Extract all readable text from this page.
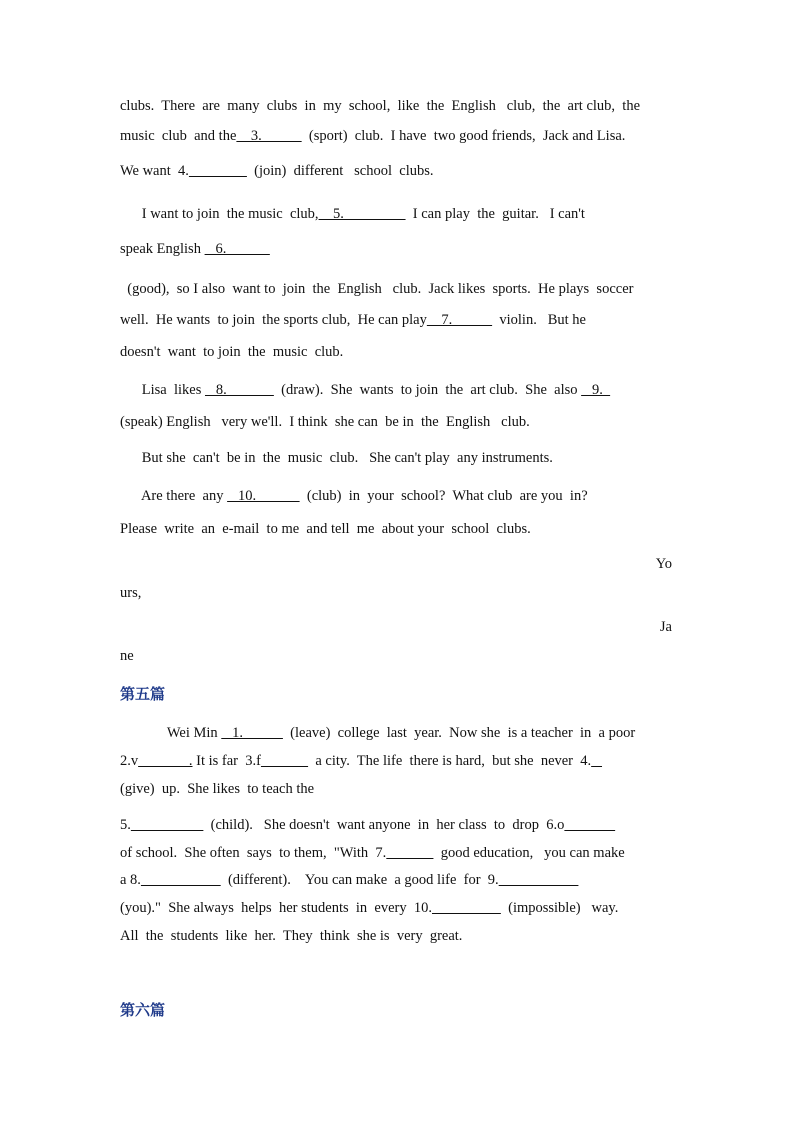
clubs.  There  are  many  clubs  in  my  school,  like  the  English   club,  the  art club,  the
music  club  and the    3.             (sport)  club.  I have  two good friends,  Jack and Lisa.
We want  4.	(join)  different   school  clubs.
I want to join  the music  club,    5.                   I can play  the  guitar.   I can't
speak English    6.
(good),  so I also  want to  join  the  English   club.  Jack likes  sports.  He plays  soccer
well.  He wants  to join  the sports club,  He can play    7.             violin.   But he
doesn't  want  to join  the  music  club.
Lisa  likes    8.               (draw).  She  wants  to join  the  art club.  She  also    9.
(speak) English   very we'll.  I think  she can  be in  the  English   club.
But she  can't  be in  the  music  club.   She can't play  any instruments.
Are there  any    10.              (club)  in  your  school?  What club  are you  in?
Please  write  an  e-mail  to me  and tell  me  about your  school  clubs.
Yo
urs,
Ja
ne
第五篇
Wei Min    1.             (leave)  college  last  year.  Now she  is a teacher  in  a poor
2.v              . It is far  3.f	a city.  The life  there is hard,  but she  never  4.
(give)  up.  She likes  to teach the
5.	(child).   She doesn't  want anyone  in  her class  to  drop  6.o
of school.  She often  says  to them,  "With  7.	good education,   you can make
a 8.	(different).    You can make  a good life  for  9.
(you)."  She always  helps  her students  in  every  10.	(impossible)   way.
All  the  students  like  her.  They  think  she is  very  great.
第六篇
